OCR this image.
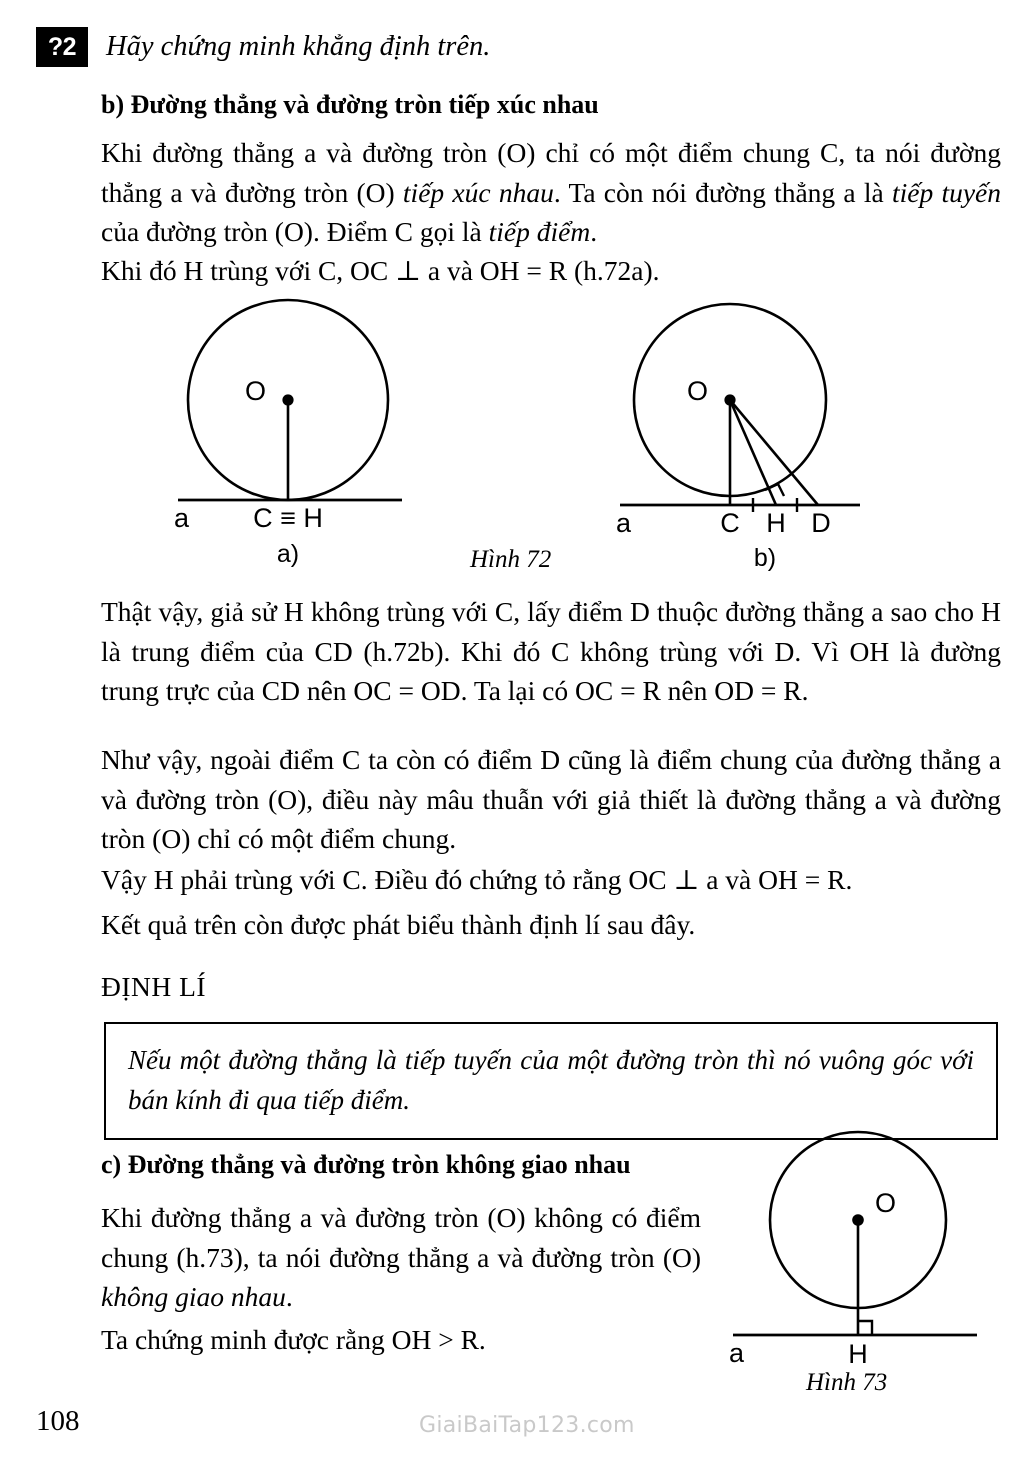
?2	Hãy chứng minh khẳng định trên.
b) Đường thẳng và đường tròn tiếp xúc nhau

Khi đường thẳng a và đường tròn (O) chỉ có một điểm chung C, ta nói đường thẳng a và đường tròn (O) tiếp xúc nhau. Ta còn nói đường thẳng a là tiếp tuyến của đường tròn (O). Điểm C gọi là tiếp điểm.

Khi đó H trùng với C, OC ⊥ a và OH = R (h.72a).

a
O
C ≡ H
a)
O
a	C H D
b)
Hình 72

Thật vậy, giả sử H không trùng với C, lấy điểm D thuộc đường thẳng a sao cho H là trung điểm của CD (h.72b). Khi đó C không trùng với D. Vì OH là đường trung trực của CD nên OC = OD. Ta lại có OC = R nên OD = R.

Như vậy, ngoài điểm C ta còn có điểm D cũng là điểm chung của đường thẳng a và đường tròn (O), điều này mâu thuẫn với giả thiết là đường thẳng a và đường tròn (O) chỉ có một điểm chung.

Vậy H phải trùng với C. Điều đó chứng tỏ rằng OC ⊥ a và OH = R.

Kết quả trên còn được phát biểu thành định lí sau đây.

ĐỊNH LÍ

Nếu một đường thẳng là tiếp tuyến của một đường tròn thì nó vuông góc với bán kính đi qua tiếp điểm.

c) Đường thẳng và đường tròn không giao nhau

Khi đường thẳng a và đường tròn (O) không có điểm chung (h.73), ta nói đường thẳng a và đường tròn (O) không giao nhau.

Ta chứng minh được rằng OH > R.

O
a	H
Hình 73
108	GiaiBaiTap123.com
